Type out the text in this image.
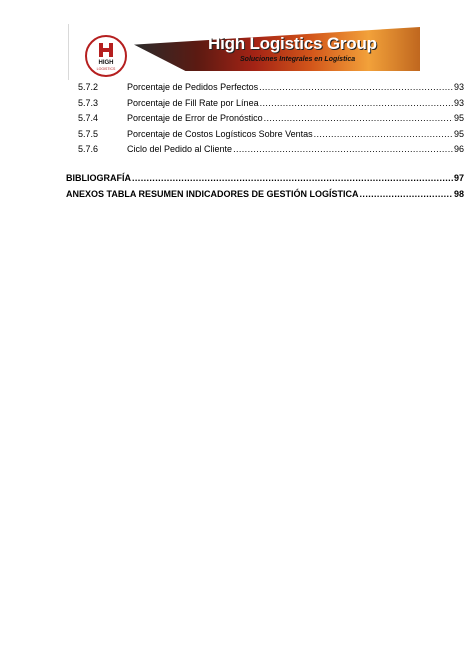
HIGH
LOGISTICS
High Logistics Group
Soluciones Integrales en Logística
5.7.2	Porcentaje de Pedidos Perfectos .....	93
5.7.3	Porcentaje de Fill Rate por Línea .....	93
5.7.4	Porcentaje de Error de Pronóstico .....	95
5.7.5	Porcentaje de Costos Logísticos Sobre Ventas .....	95
5.7.6	Ciclo del Pedido al Cliente .....	96
BIBLIOGRAFÍA .....	97
ANEXOS TABLA RESUMEN INDICADORES DE GESTIÓN LOGÍSTICA .....	98
